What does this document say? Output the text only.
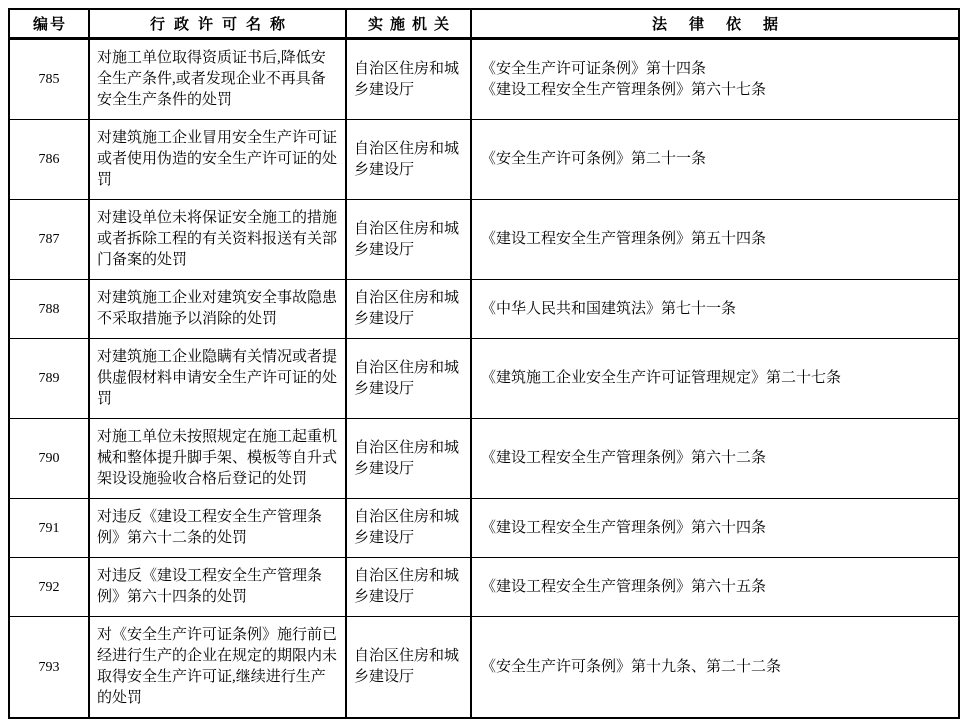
编号	行政许可名称	实施机关	法律依据
785	对施工单位取得资质证书后,降低安全生产条件,或者发现企业不再具备安全生产条件的处罚	自治区住房和城乡建设厅	《安全生产许可证条例》第十四条
《建设工程安全生产管理条例》第六十七条

786	对建筑施工企业冒用安全生产许可证或者使用伪造的安全生产许可证的处罚	自治区住房和城乡建设厅	《安全生产许可条例》第二十一条

787	对建设单位未将保证安全施工的措施或者拆除工程的有关资料报送有关部门备案的处罚	自治区住房和城乡建设厅	《建设工程安全生产管理条例》第五十四条

788	对建筑施工企业对建筑安全事故隐患不采取措施予以消除的处罚	自治区住房和城乡建设厅	《中华人民共和国建筑法》第七十一条

789	对建筑施工企业隐瞒有关情况或者提供虚假材料申请安全生产许可证的处罚	自治区住房和城乡建设厅	《建筑施工企业安全生产许可证管理规定》第二十七条

790	对施工单位未按照规定在施工起重机械和整体提升脚手架、模板等自升式架设设施验收合格后登记的处罚	自治区住房和城乡建设厅	《建设工程安全生产管理条例》第六十二条

791	对违反《建设工程安全生产管理条例》第六十二条的处罚	自治区住房和城乡建设厅	《建设工程安全生产管理条例》第六十四条

792	对违反《建设工程安全生产管理条例》第六十四条的处罚	自治区住房和城乡建设厅	《建设工程安全生产管理条例》第六十五条

793	对《安全生产许可证条例》施行前已经进行生产的企业在规定的期限内未取得安全生产许可证,继续进行生产的处罚	自治区住房和城乡建设厅	《安全生产许可条例》第十九条、第二十二条
